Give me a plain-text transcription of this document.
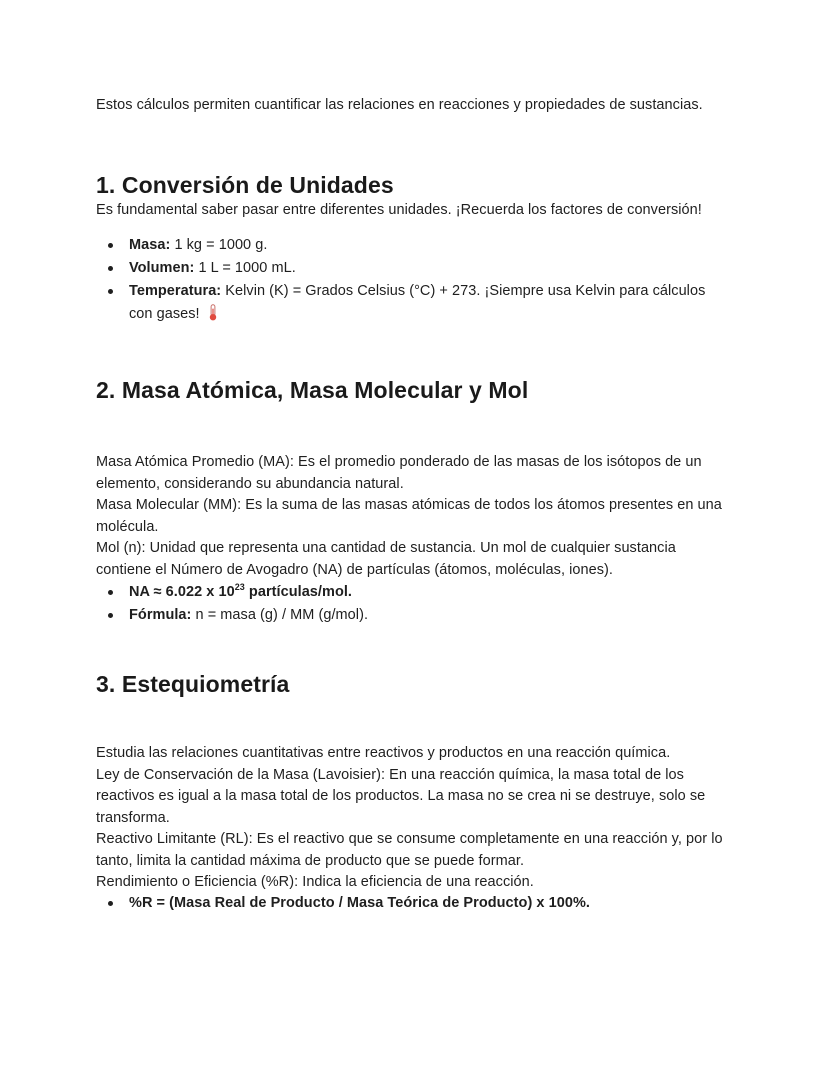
Estos cálculos permiten cuantificar las relaciones en reacciones y propiedades de sustancias.

1. Conversión de Unidades

Es fundamental saber pasar entre diferentes unidades. ¡Recuerda los factores de conversión!

Masa: 1 kg = 1000 g.
Volumen: 1 L = 1000 mL.
Temperatura: Kelvin (K) = Grados Celsius (°C) + 273. ¡Siempre usa Kelvin para cálculos con gases!
2. Masa Atómica, Masa Molecular y Mol

Masa Atómica Promedio (MA): Es el promedio ponderado de las masas de los isótopos de un elemento, considerando su abundancia natural.

Masa Molecular (MM): Es la suma de las masas atómicas de todos los átomos presentes en una molécula.

Mol (n): Unidad que representa una cantidad de sustancia. Un mol de cualquier sustancia contiene el Número de Avogadro (NA) de partículas (átomos, moléculas, iones).

NA ≈ 6.022 x $10^{23}$ partículas/mol.
Fórmula: n = masa (g) / MM (g/mol).
3. Estequiometría

Estudia las relaciones cuantitativas entre reactivos y productos en una reacción química.

Ley de Conservación de la Masa (Lavoisier): En una reacción química, la masa total de los reactivos es igual a la masa total de los productos. La masa no se crea ni se destruye, solo se transforma.

Reactivo Limitante (RL): Es el reactivo que se consume completamente en una reacción y, por lo tanto, limita la cantidad máxima de producto que se puede formar.

Rendimiento o Eficiencia (%R): Indica la eficiencia de una reacción.

%R = (Masa Real de Producto / Masa Teórica de Producto) x 100%.
